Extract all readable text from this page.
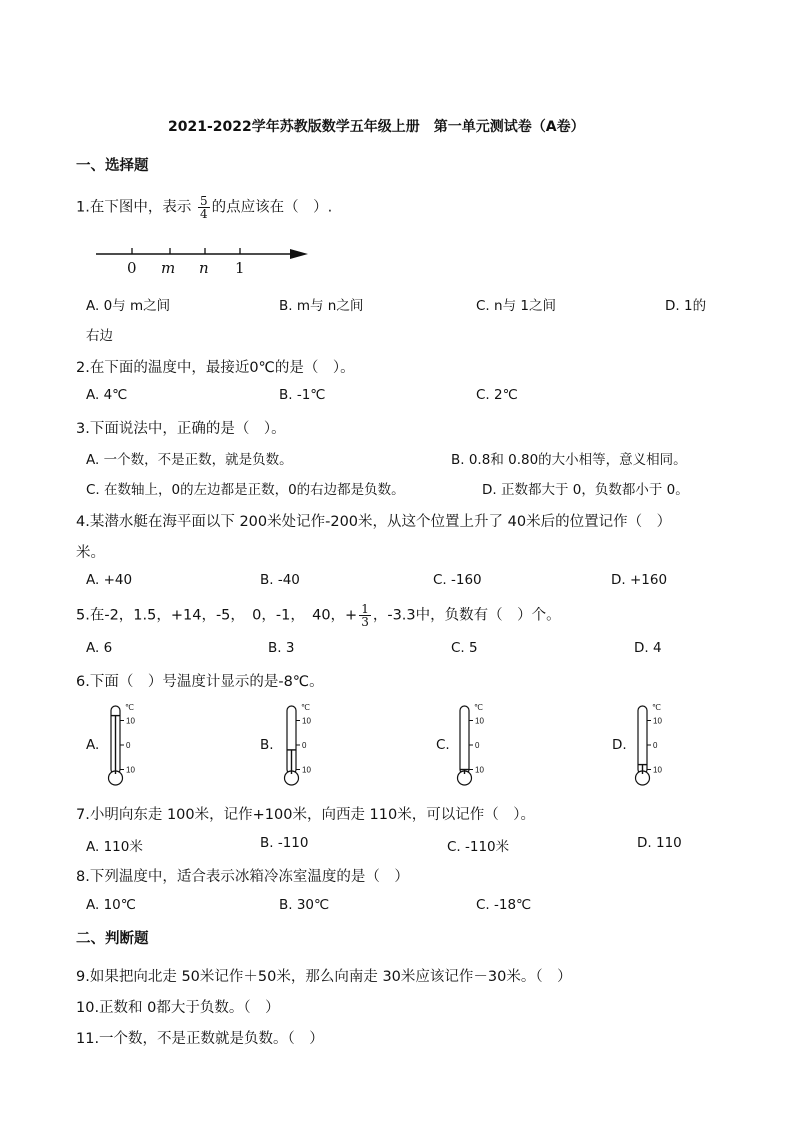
2021-2022学年苏教版数学五年级上册　第一单元测试卷（A卷）
一、选择题
1.在下图中，表示 $\frac{5}{4}$ 的点应该在（　）.
0 m n 1
A. 0与 m之间	B. m与 n之间	C. n与 1之间	D. 1的
右边
2.在下面的温度中，最接近0℃的是（　）。
A. 4℃	B. -1℃	C. 2℃
3.下面说法中，正确的是（　）。
A. 一个数，不是正数，就是负数。	B. 0.8和 0.80的大小相等，意义相同。
C. 在数轴上，0的左边都是正数，0的右边都是负数。	D. 正数都大于 0，负数都小于 0。
4.某潜水艇在海平面以下 200米处记作-200米，从这个位置上升了 40米后的位置记作（　）
米。
A. +40	B. -40	C. -160	D. +160
5.在-2，1.5，+14，-5，　0，-1，　40，+ $\frac{1}{3}$ ，-3.3中，负数有（　）个。
A. 6	B. 3	C. 5	D. 4
6.下面（　）号温度计显示的是-8℃。
A.	B.	C.	D.
10
0
10
℃
10
0
10
℃
10
0
10
℃
10
0
10
℃
7.小明向东走 100米，记作+100米，向西走 110米，可以记作（　）。
A. 110米	B. -110	C. -110米	D. 110
8.下列温度中，适合表示冰箱冷冻室温度的是（　）
A. 10℃	B. 30℃	C. -18℃
二、判断题
9.如果把向北走 50米记作＋50米，那么向南走 30米应该记作－30米。（　）
10.正数和 0都大于负数。（　）
11.一个数，不是正数就是负数。（　）
